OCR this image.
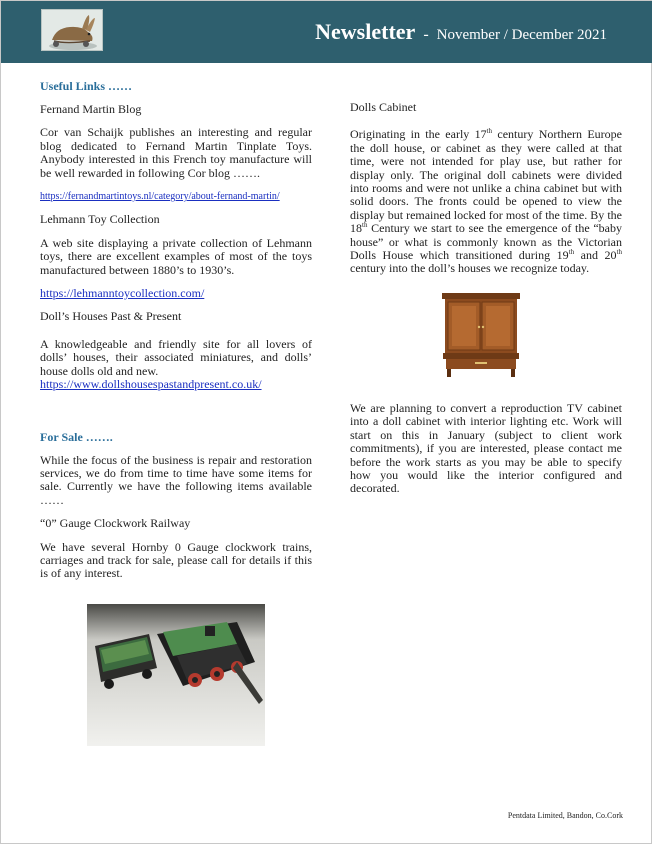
Newsletter - November / December 2021
Useful Links ……
Fernand Martin Blog
Cor van Schaijk publishes an interesting and regular blog dedicated to Fernand Martin Tinplate Toys. Anybody interested in this French toy manufacture will be well rewarded in following Cor blog …….
https://fernandmartintoys.nl/category/about-fernand-martin/
Lehmann Toy Collection
A web site displaying a private collection of Lehmann toys, there are excellent examples of most of the toys manufactured between 1880’s to 1930’s.
https://lehmanntoycollection.com/
Doll’s Houses Past & Present
A knowledgeable and friendly site for all lovers of dolls’ houses, their associated miniatures, and dolls’ house dolls old and new.
https://www.dollshousespastandpresent.co.uk/
For Sale …….
While the focus of the business is repair and restoration services, we do from time to time have some items for sale. Currently we have the following items available ……
“0” Gauge Clockwork Railway
We have several Hornby 0 Gauge clockwork trains, carriages and track for sale, please call for details if this is of any interest.
Dolls Cabinet
Originating in the early 17th century Northern Europe the doll house, or cabinet as they were called at that time, were not intended for play use, but rather for display only. The original doll cabinets were divided into rooms and were not unlike a china cabinet but with solid doors. The fronts could be opened to view the display but remained locked for most of the time. By the 18th Century we start to see the emergence of the “baby house” or what is commonly known as the Victorian Dolls House which transitioned during 19th and 20th century into the doll’s houses we recognize today.
We are planning to convert a reproduction TV cabinet into a doll cabinet with interior lighting etc. Work will start on this in January (subject to client work commitments), if you are interested, please contact me before the work starts as you may be able to specify how you would like the interior configured and decorated.
Pentdata Limited, Bandon, Co.Cork
